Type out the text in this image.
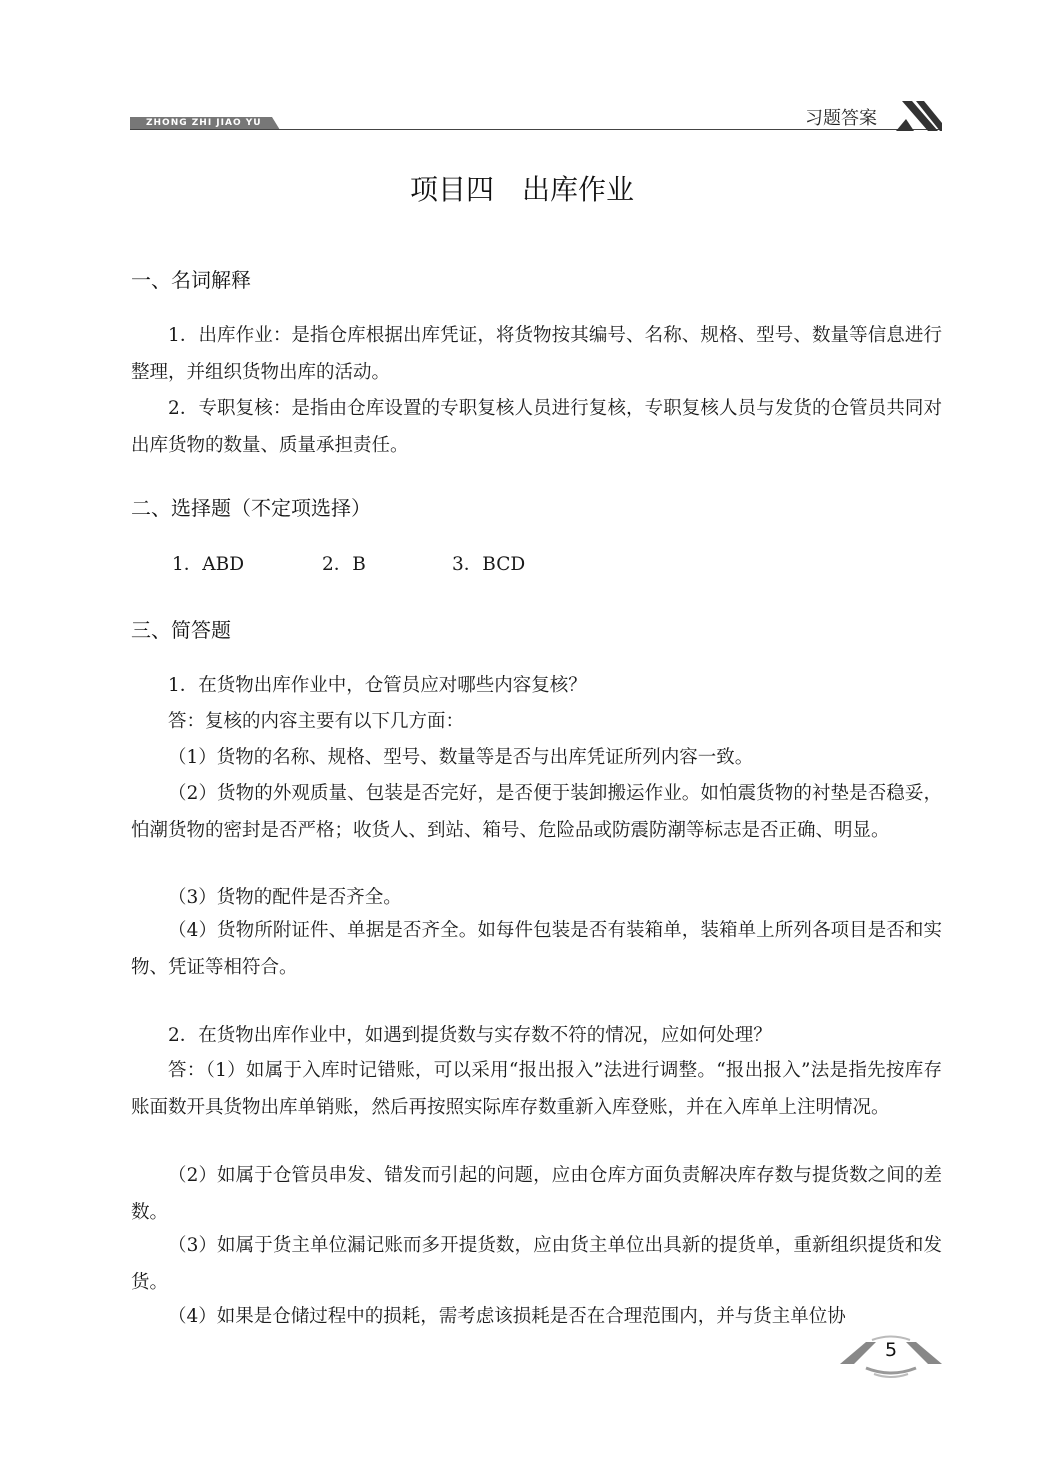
ZHONG ZHI JIAO YU	习题答案
项目四　出库作业
一、名词解释

1．出库作业：是指仓库根据出库凭证，将货物按其编号、名称、规格、型号、数量等信息进行整理，并组织货物出库的活动。

2．专职复核：是指由仓库设置的专职复核人员进行复核，专职复核人员与发货的仓管员共同对出库货物的数量、质量承担责任。

二、选择题（不定项选择）
1．ABD	2．B	3．BCD
三、简答题

1．在货物出库作业中，仓管员应对哪些内容复核？

答：复核的内容主要有以下几方面：

（1）货物的名称、规格、型号、数量等是否与出库凭证所列内容一致。

（2）货物的外观质量、包装是否完好，是否便于装卸搬运作业。如怕震货物的衬垫是否稳妥，怕潮货物的密封是否严格；收货人、到站、箱号、危险品或防震防潮等标志是否正确、明显。

（3）货物的配件是否齐全。

（4）货物所附证件、单据是否齐全。如每件包装是否有装箱单，装箱单上所列各项目是否和实物、凭证等相符合。

2．在货物出库作业中，如遇到提货数与实存数不符的情况，应如何处理？

答：（1）如属于入库时记错账，可以采用“报出报入”法进行调整。“报出报入”法是指先按库存账面数开具货物出库单销账，然后再按照实际库存数重新入库登账，并在入库单上注明情况。

（2）如属于仓管员串发、错发而引起的问题，应由仓库方面负责解决库存数与提货数之间的差数。

（3）如属于货主单位漏记账而多开提货数，应由货主单位出具新的提货单，重新组织提货和发货。

（4）如果是仓储过程中的损耗，需考虑该损耗是否在合理范围内，并与货主单位协

5
